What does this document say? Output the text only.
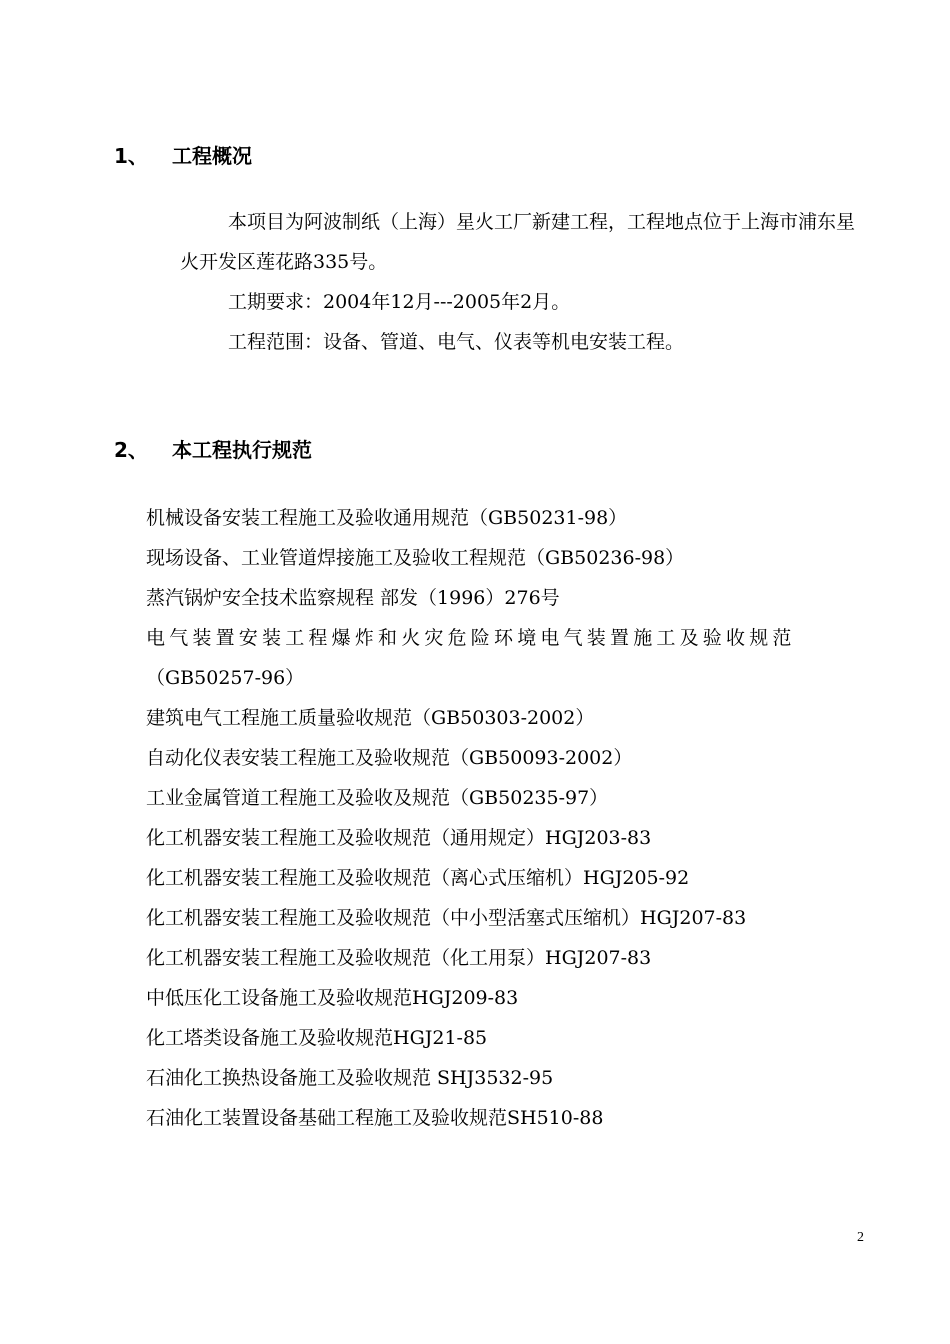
1、 工程概况

本项目为阿波制纸（上海）星火工厂新建工程，工程地点位于上海市浦东星火开发区莲花路335号。

工期要求：2004年12月---2005年2月。

工程范围：设备、管道、电气、仪表等机电安装工程。

2、 本工程执行规范
机械设备安装工程施工及验收通用规范（GB50231-98）
现场设备、工业管道焊接施工及验收工程规范（GB50236-98）
蒸汽锅炉安全技术监察规程 部发（1996）276号
电气装置安装工程爆炸和火灾危险环境电气装置施工及验收规范
（GB50257-96）
建筑电气工程施工质量验收规范（GB50303-2002）
自动化仪表安装工程施工及验收规范（GB50093-2002）
工业金属管道工程施工及验收及规范（GB50235-97）
化工机器安装工程施工及验收规范（通用规定）HGJ203-83
化工机器安装工程施工及验收规范（离心式压缩机）HGJ205-92
化工机器安装工程施工及验收规范（中小型活塞式压缩机）HGJ207-83
化工机器安装工程施工及验收规范（化工用泵）HGJ207-83
中低压化工设备施工及验收规范HGJ209-83
化工塔类设备施工及验收规范HGJ21-85
石油化工换热设备施工及验收规范 SHJ3532-95
石油化工装置设备基础工程施工及验收规范SH510-88
2
